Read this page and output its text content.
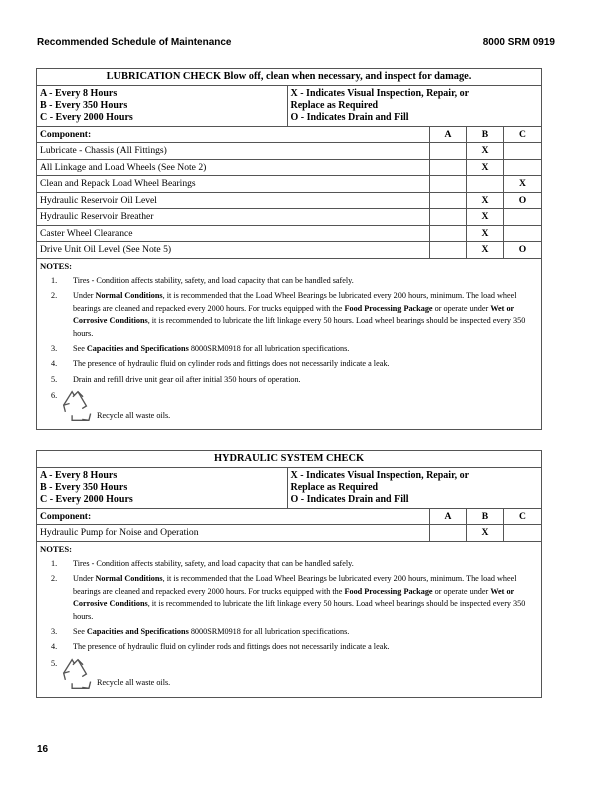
Recommended Schedule of Maintenance	8000 SRM 0919
LUBRICATION CHECK Blow off, clean when necessary, and inspect for damage.

A - Every 8 Hours
B - Every 350 Hours
C - Every 2000 Hours

X - Indicates Visual Inspection, Repair, or
Replace as Required
O - Indicates Drain and Fill

Component:	A	B	C
Lubricate - Chassis (All Fittings)		X	
All Linkage and Load Wheels (See Note 2)		X	
Clean and Repack Load Wheel Bearings			X
Hydraulic Reservoir Oil Level		X	O
Hydraulic Reservoir Breather		X	
Caster Wheel Clearance		X	
Drive Unit Oil Level (See Note 5)		X	O

NOTES:
1. Tires - Condition affects stability, safety, and load capacity that can be handled safely.
2. Under Normal Conditions, it is recommended that the Load Wheel Bearings be lubricated every 200 hours, minimum. The load wheel bearings are cleaned and repacked every 2000 hours. For trucks equipped with the Food Processing Package or operate under Wet or Corrosive Conditions, it is recommended to lubricate the lift linkage every 50 hours. Load wheel bearings should be inspected every 350 hours.
3. See Capacities and Specifications 8000SRM0918 for all lubrication specifications.
4. The presence of hydraulic fluid on cylinder rods and fittings does not necessarily indicate a leak.
5. Drain and refill drive unit gear oil after initial 350 hours of operation.
6.
Recycle all waste oils.
HYDRAULIC SYSTEM CHECK

A - Every 8 Hours
B - Every 350 Hours
C - Every 2000 Hours

X - Indicates Visual Inspection, Repair, or
Replace as Required
O - Indicates Drain and Fill

Component:	A	B	C
Hydraulic Pump for Noise and Operation		X	

NOTES:
1. Tires - Condition affects stability, safety, and load capacity that can be handled safely.
2. Under Normal Conditions, it is recommended that the Load Wheel Bearings be lubricated every 200 hours, minimum. The load wheel bearings are cleaned and repacked every 2000 hours. For trucks equipped with the Food Processing Package or operate under Wet or Corrosive Conditions, it is recommended to lubricate the lift linkage every 50 hours. Load wheel bearings should be inspected every 350 hours.
3. See Capacities and Specifications 8000SRM0918 for all lubrication specifications.
4. The presence of hydraulic fluid on cylinder rods and fittings does not necessarily indicate a leak.
5.
Recycle all waste oils.
16
